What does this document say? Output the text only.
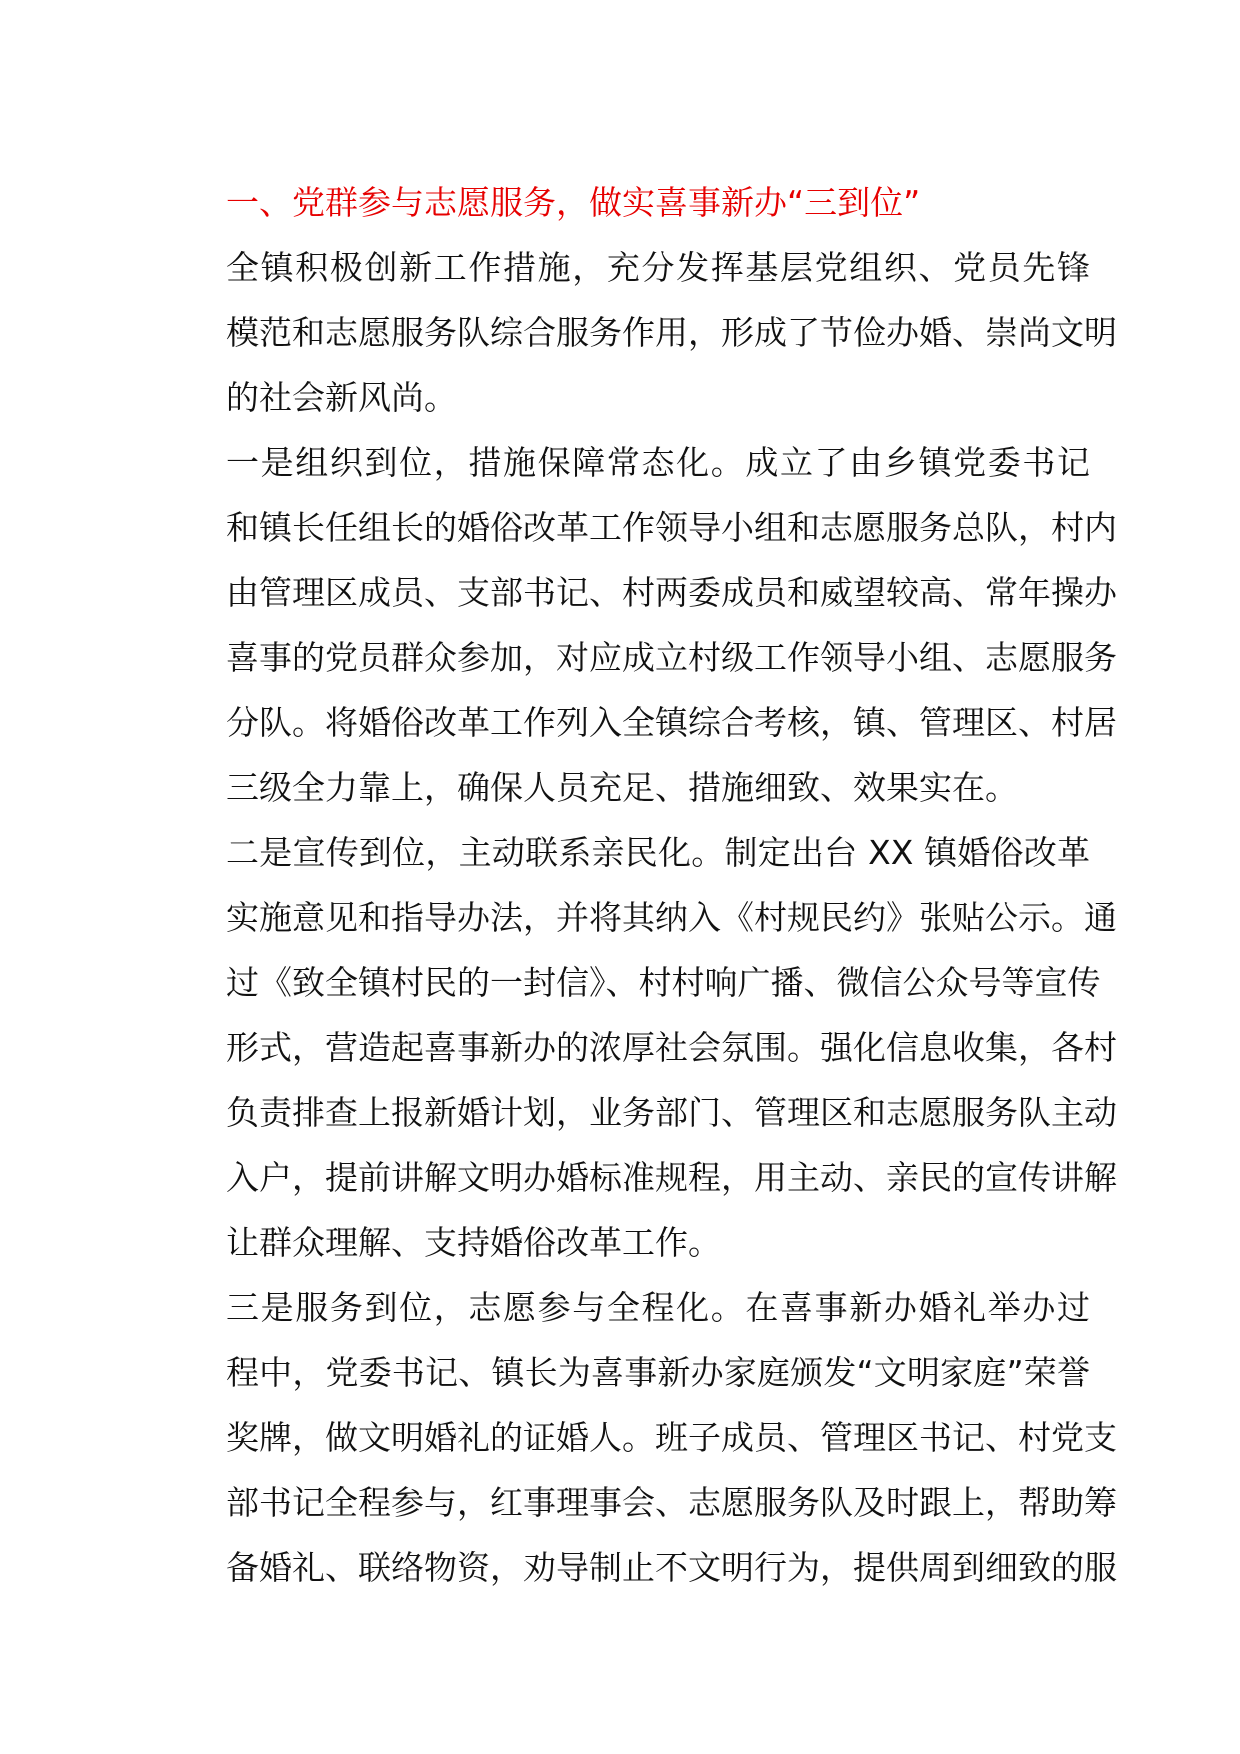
一、党群参与志愿服务，做实喜事新办“三到位”

全镇积极创新工作措施，充分发挥基层党组织、党员先锋
模范和志愿服务队综合服务作用，形成了节俭办婚、崇尚文明
的社会新风尚。

一是组织到位，措施保障常态化。成立了由乡镇党委书记
和镇长任组长的婚俗改革工作领导小组和志愿服务总队，村内
由管理区成员、支部书记、村两委成员和威望较高、常年操办
喜事的党员群众参加，对应成立村级工作领导小组、志愿服务
分队。将婚俗改革工作列入全镇综合考核，镇、管理区、村居
三级全力靠上，确保人员充足、措施细致、效果实在。

二是宣传到位，主动联系亲民化。制定出台 XX 镇婚俗改革
实施意见和指导办法，并将其纳入《村规民约》张贴公示。通
过《致全镇村民的一封信》、村村响广播、微信公众号等宣传
形式，营造起喜事新办的浓厚社会氛围。强化信息收集，各村
负责排查上报新婚计划，业务部门、管理区和志愿服务队主动
入户，提前讲解文明办婚标准规程，用主动、亲民的宣传讲解
让群众理解、支持婚俗改革工作。

三是服务到位，志愿参与全程化。在喜事新办婚礼举办过
程中，党委书记、镇长为喜事新办家庭颁发“文明家庭”荣誉
奖牌，做文明婚礼的证婚人。班子成员、管理区书记、村党支
部书记全程参与，红事理事会、志愿服务队及时跟上，帮助筹
备婚礼、联络物资，劝导制止不文明行为，提供周到细致的服
